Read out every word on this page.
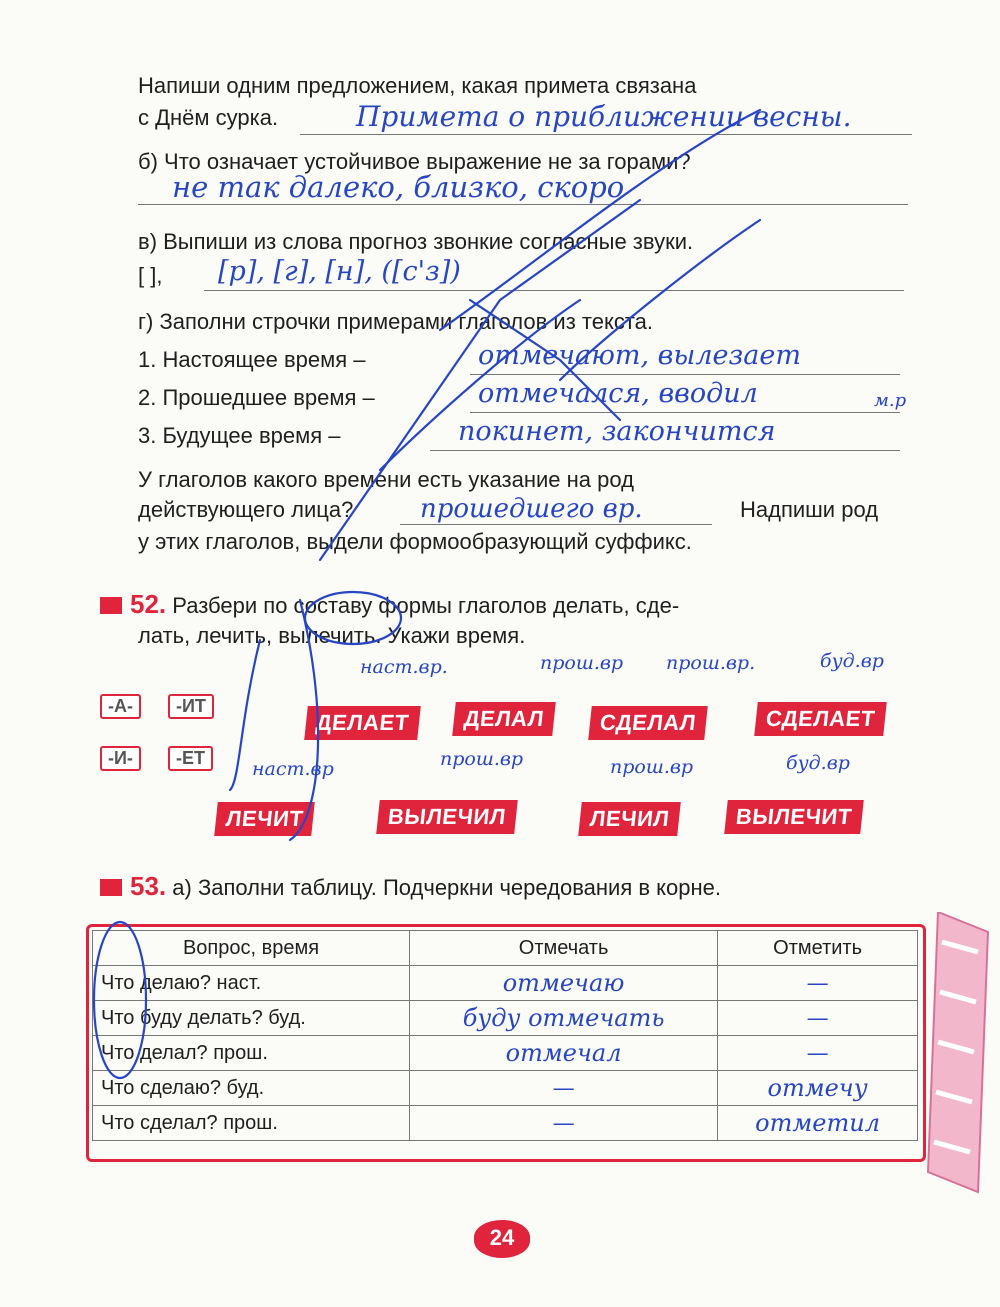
Напиши одним предложением, какая примета связана
с Днём сурка.	Примета о приближении весны.
б) Что означает устойчивое выражение не за горами?
не так далеко, близко, скоро
в) Выпиши из слова прогноз звонкие согласные звуки.
[ ], [р], [г], [н], ([с'з])
г) Заполни строчки примерами глаголов из текста.
1. Настоящее время –	отмечают, вылезает
2. Прошедшее время –	отмечался, вводил	м.р
3. Будущее время –	покинет, закончится
У глаголов какого времени есть указание на род
действующего лица?	прошедшего вр.	Надпиши род
у этих глаголов, выдели формообразующий суффикс.
52. Разбери по составу формы глаголов делать, сде-
лать, лечить, вылечить. Укажи время.
наст.вр.	прош.вр прош.вр.	буд.вр
-А-	-ИТ
ДЕЛАЕТ	ДЕЛАЛ	СДЕЛАЛ	СДЕЛАЕТ
-И-	-ЕТ	наст.вр	прош.вр	прош.вр	буд.вр
ЛЕЧИТ	ВЫЛЕЧИЛ	ЛЕЧИЛ	ВЫЛЕЧИТ
53. а) Заполни таблицу. Подчеркни чередования в корне.
Вопрос, время	Отмечать	Отметить
Что делаю? наст.	отмечаю	—
Что буду делать? буд.	буду отмечать	—
Что делал? прош.	отмечал	—
Что сделаю? буд.	—	отмечу
Что сделал? прош.	—	отметил
24
